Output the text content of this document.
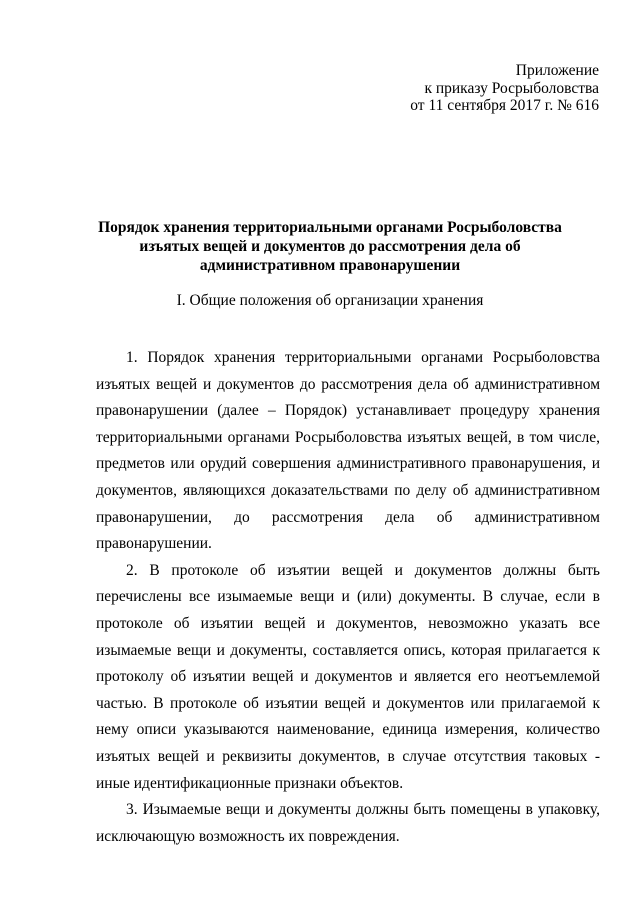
Приложение
к приказу Росрыболовства
от 11 сентября 2017 г. № 616
Порядок хранения территориальными органами Росрыболовства
изъятых вещей и документов до рассмотрения дела об
административном правонарушении
I. Общие положения об организации хранения

1. Порядок хранения территориальными органами Росрыболовства изъятых вещей и документов до рассмотрения дела об административном правонарушении (далее – Порядок) устанавливает процедуру хранения территориальными органами Росрыболовства изъятых вещей, в том числе, предметов или орудий совершения административного правонарушения, и документов, являющихся доказательствами по делу об административном правонарушении, до рассмотрения дела об административном правонарушении.

2. В протоколе об изъятии вещей и документов должны быть перечислены все изымаемые вещи и (или) документы. В случае, если в протоколе об изъятии вещей и документов, невозможно указать все изымаемые вещи и документы, составляется опись, которая прилагается к протоколу об изъятии вещей и документов и является его неотъемлемой частью. В протоколе об изъятии вещей и документов или прилагаемой к нему описи указываются наименование, единица измерения, количество изъятых вещей и реквизиты документов, в случае отсутствия таковых - иные идентификационные признаки объектов.

3. Изымаемые вещи и документы должны быть помещены в упаковку, исключающую возможность их повреждения.
